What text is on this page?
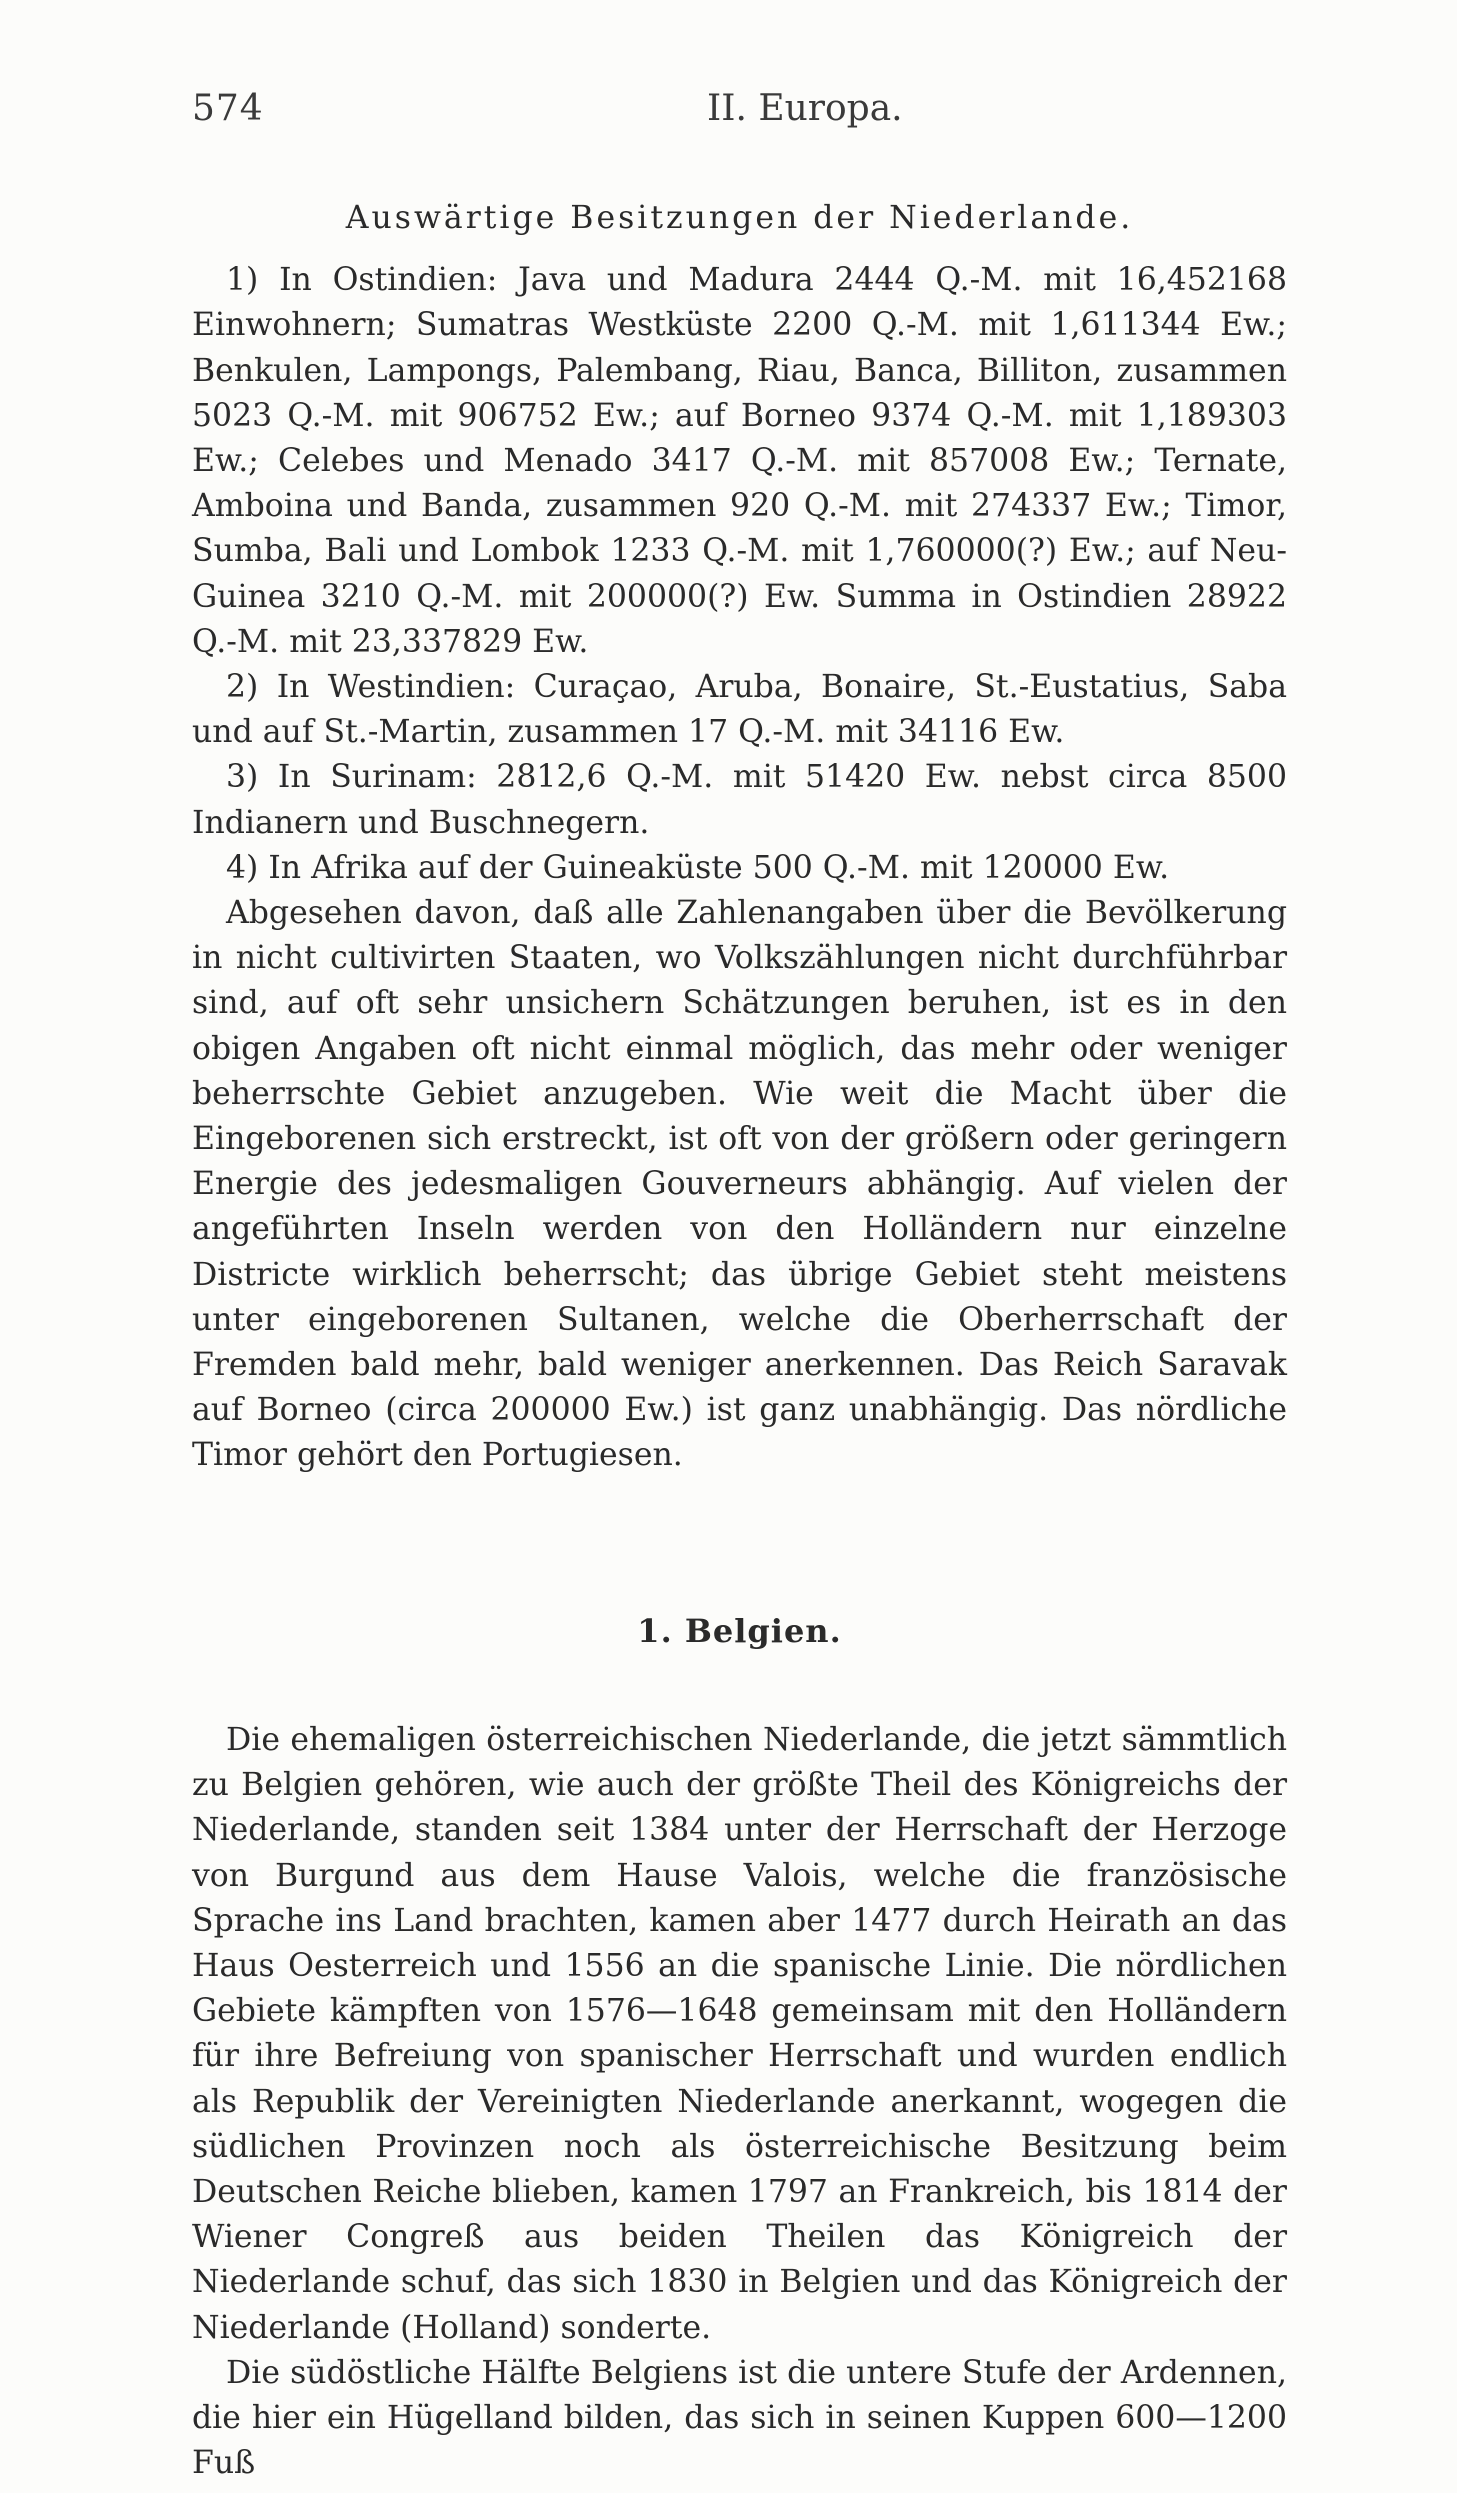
574	II. Europa.
Auswärtige Besitzungen der Niederlande.

1) In Ostindien: Java und Madura 2444 Q.-M. mit 16,452168 Einwohnern; Sumatras Westküste 2200 Q.-M. mit 1,611344 Ew.; Benkulen, Lampongs, Palembang, Riau, Banca, Billiton, zusammen 5023 Q.-M. mit 906752 Ew.; auf Borneo 9374 Q.-M. mit 1,189303 Ew.; Celebes und Menado 3417 Q.-M. mit 857008 Ew.; Ternate, Amboina und Banda, zusammen 920 Q.-M. mit 274337 Ew.; Timor, Sumba, Bali und Lombok 1233 Q.-M. mit 1,760000(?) Ew.; auf Neu-Guinea 3210 Q.-M. mit 200000(?) Ew. Summa in Ostindien 28922 Q.-M. mit 23,337829 Ew.

2) In Westindien: Curaçao, Aruba, Bonaire, St.-Eustatius, Saba und auf St.-Martin, zusammen 17 Q.-M. mit 34116 Ew.

3) In Surinam: 2812,6 Q.-M. mit 51420 Ew. nebst circa 8500 Indianern und Buschnegern.

4) In Afrika auf der Guineaküste 500 Q.-M. mit 120000 Ew.

Abgesehen davon, daß alle Zahlenangaben über die Bevölkerung in nicht cultivirten Staaten, wo Volkszählungen nicht durchführbar sind, auf oft sehr unsichern Schätzungen beruhen, ist es in den obigen Angaben oft nicht einmal möglich, das mehr oder weniger beherrschte Gebiet anzugeben. Wie weit die Macht über die Eingeborenen sich erstreckt, ist oft von der größern oder geringern Energie des jedesmaligen Gouverneurs abhängig. Auf vielen der angeführten Inseln werden von den Holländern nur einzelne Districte wirklich beherrscht; das übrige Gebiet steht meistens unter eingeborenen Sultanen, welche die Oberherrschaft der Fremden bald mehr, bald weniger anerkennen. Das Reich Saravak auf Borneo (circa 200000 Ew.) ist ganz unabhängig. Das nördliche Timor gehört den Portugiesen.

1. Belgien.

Die ehemaligen österreichischen Niederlande, die jetzt sämmtlich zu Belgien gehören, wie auch der größte Theil des Königreichs der Niederlande, standen seit 1384 unter der Herrschaft der Herzoge von Burgund aus dem Hause Valois, welche die französische Sprache ins Land brachten, kamen aber 1477 durch Heirath an das Haus Oesterreich und 1556 an die spanische Linie. Die nördlichen Gebiete kämpften von 1576—1648 gemeinsam mit den Holländern für ihre Befreiung von spanischer Herrschaft und wurden endlich als Republik der Vereinigten Niederlande anerkannt, wogegen die südlichen Provinzen noch als österreichische Besitzung beim Deutschen Reiche blieben, kamen 1797 an Frankreich, bis 1814 der Wiener Congreß aus beiden Theilen das Königreich der Niederlande schuf, das sich 1830 in Belgien und das Königreich der Niederlande (Holland) sonderte.

Die südöstliche Hälfte Belgiens ist die untere Stufe der Ardennen, die hier ein Hügelland bilden, das sich in seinen Kuppen 600—1200 Fuß
